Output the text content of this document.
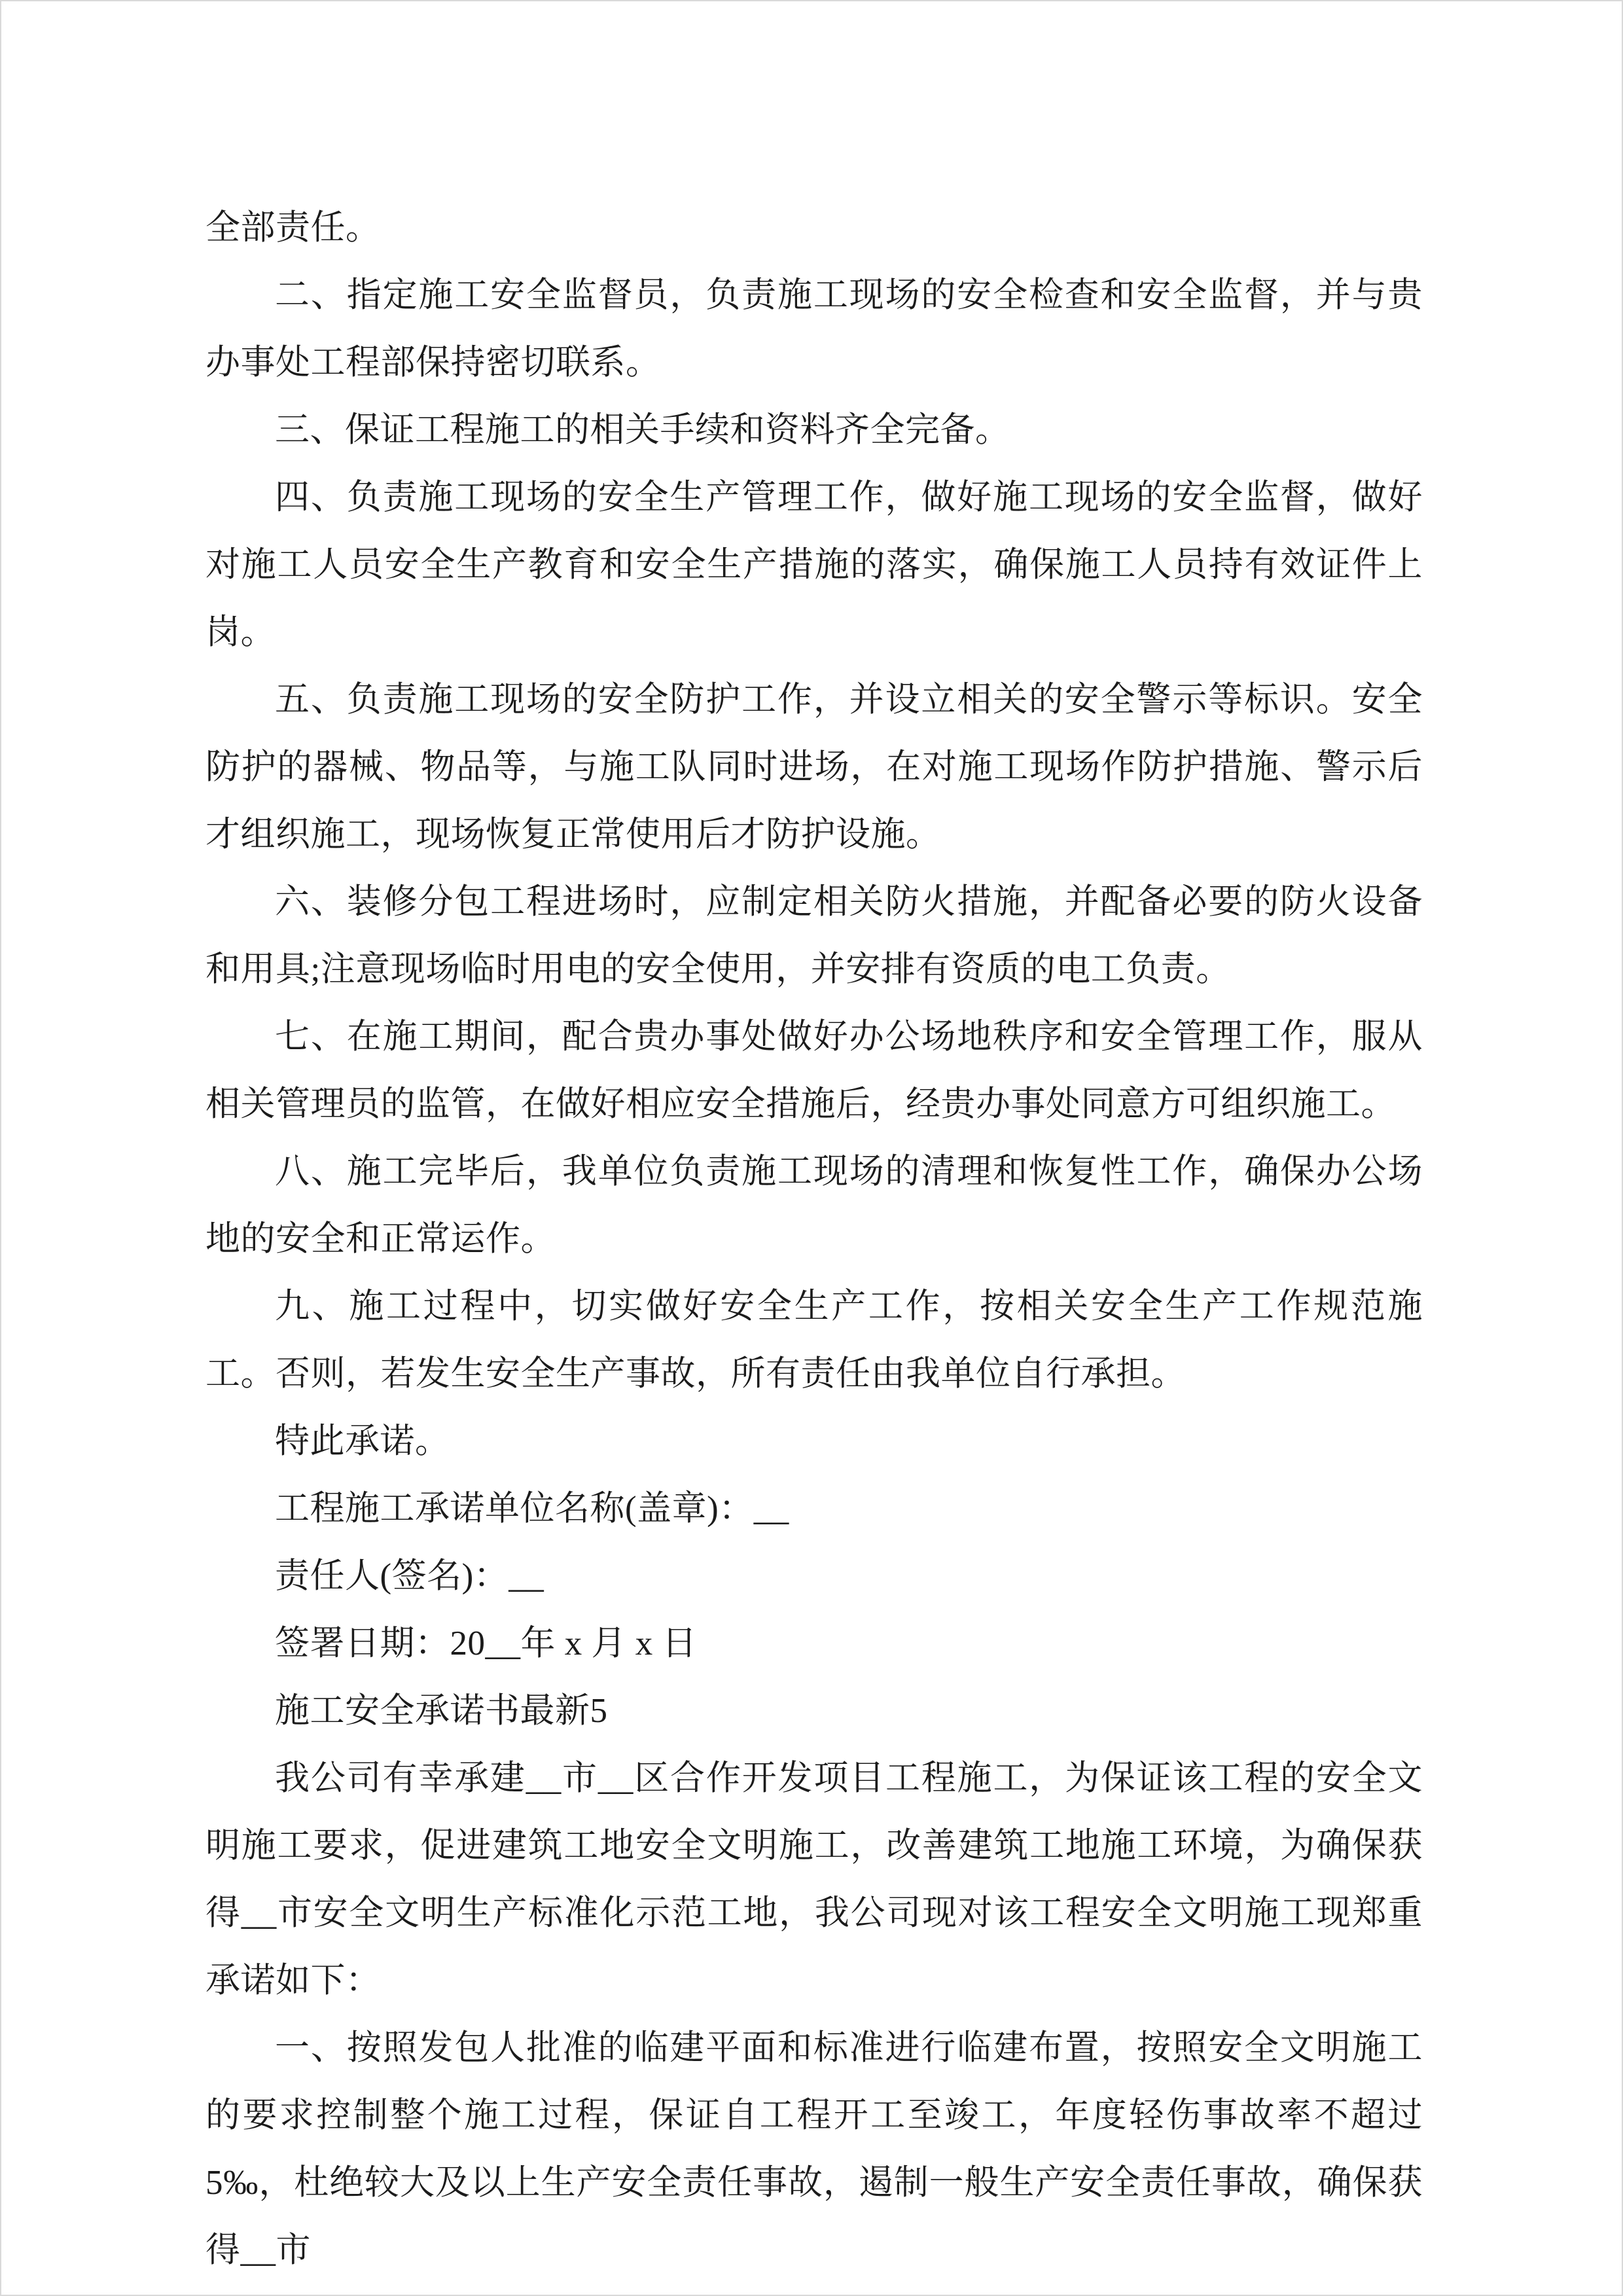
全部责任。

二、指定施工安全监督员，负责施工现场的安全检查和安全监督，并与贵办事处工程部保持密切联系。

三、保证工程施工的相关手续和资料齐全完备。

四、负责施工现场的安全生产管理工作，做好施工现场的安全监督，做好对施工人员安全生产教育和安全生产措施的落实，确保施工人员持有效证件上岗。

五、负责施工现场的安全防护工作，并设立相关的安全警示等标识。安全防护的器械、物品等，与施工队同时进场，在对施工现场作防护措施、警示后才组织施工，现场恢复正常使用后才防护设施。

六、装修分包工程进场时，应制定相关防火措施，并配备必要的防火设备和用具;注意现场临时用电的安全使用，并安排有资质的电工负责。

七、在施工期间，配合贵办事处做好办公场地秩序和安全管理工作，服从相关管理员的监管，在做好相应安全措施后，经贵办事处同意方可组织施工。

八、施工完毕后，我单位负责施工现场的清理和恢复性工作，确保办公场地的安全和正常运作。

九、施工过程中，切实做好安全生产工作，按相关安全生产工作规范施工。否则，若发生安全生产事故，所有责任由我单位自行承担。

特此承诺。

工程施工承诺单位名称(盖章)：__

责任人(签名)：__

签署日期：20__年 x 月 x 日

施工安全承诺书最新5

我公司有幸承建__市__区合作开发项目工程施工，为保证该工程的安全文明施工要求，促进建筑工地安全文明施工，改善建筑工地施工环境，为确保获得__市安全文明生产标准化示范工地，我公司现对该工程安全文明施工现郑重承诺如下：

一、按照发包人批准的临建平面和标准进行临建布置，按照安全文明施工的要求控制整个施工过程，保证自工程开工至竣工，年度轻伤事故率不超过 5‰，杜绝较大及以上生产安全责任事故，遏制一般生产安全责任事故，确保获得__市
